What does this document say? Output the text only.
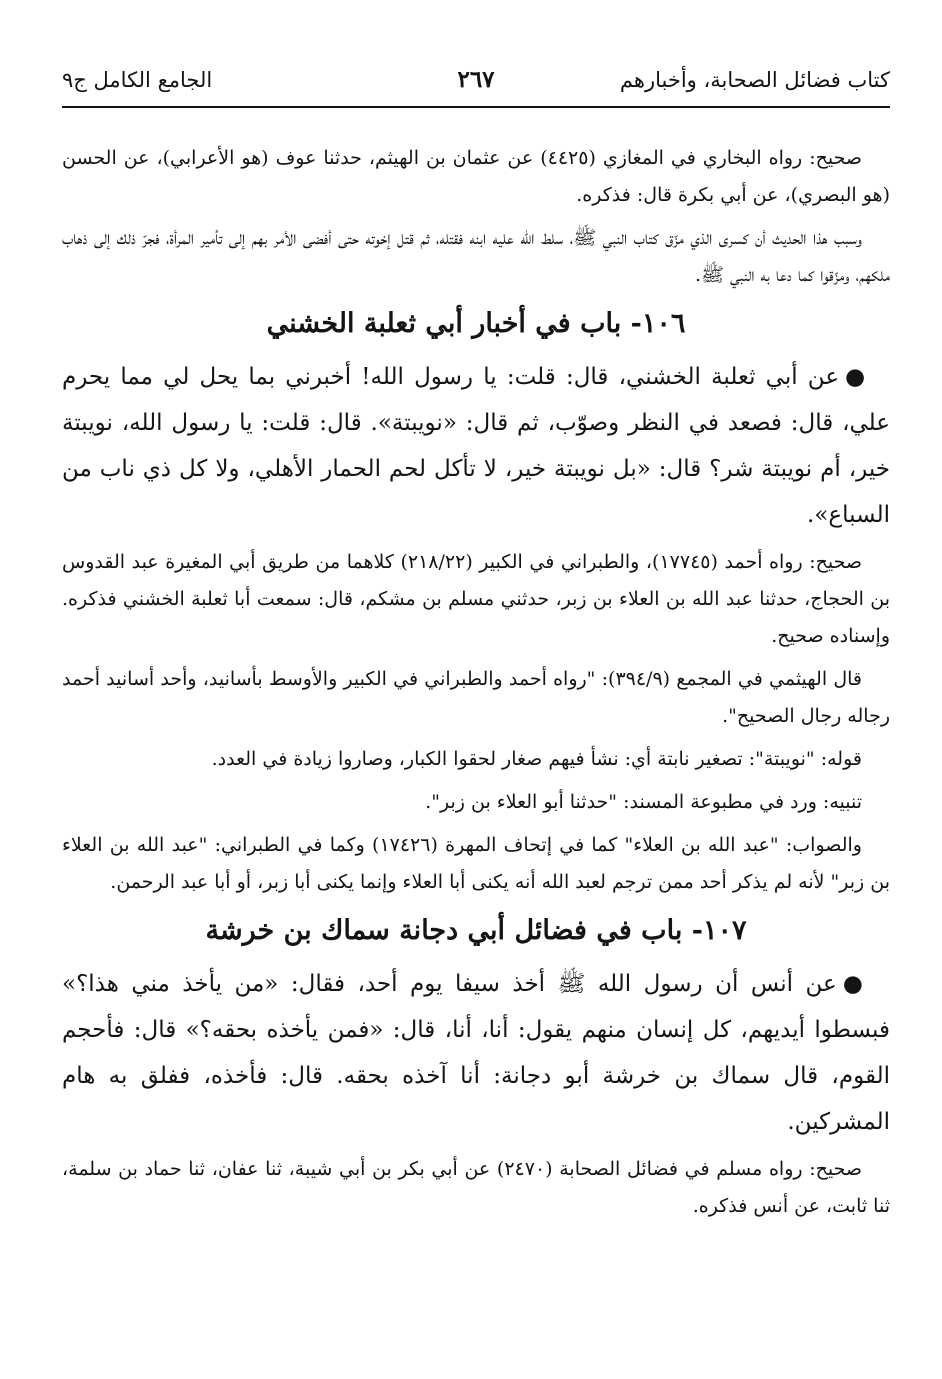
كتاب فضائل الصحابة، وأخبارهم
٢٦٧
الجامع الكامل ج٩

صحيح: رواه البخاري في المغازي (٤٤٢٥) عن عثمان بن الهيثم، حدثنا عوف (هو الأعرابي)، عن الحسن (هو البصري)، عن أبي بكرة قال: فذكره.

وسبب هذا الحديث أن كسرى الذي مزّق كتاب النبي ﷺ، سلط الله عليه ابنه فقتله، ثم قتل إخوته حتى أفضى الأمر بهم إلى تأمير المرأة، فجرّ ذلك إلى ذهاب ملكهم، ومزّقوا كما دعا به النبي ﷺ.

١٠٦- باب في أخبار أبي ثعلبة الخشني

●عن أبي ثعلبة الخشني، قال: قلت: يا رسول الله! أخبرني بما يحل لي مما يحرم علي، قال: فصعد في النظر وصوّب، ثم قال: «نويبتة». قال: قلت: يا رسول الله، نويبتة خير، أم نويبتة شر؟ قال: «بل نويبتة خير، لا تأكل لحم الحمار الأهلي، ولا كل ذي ناب من السباع».

صحيح: رواه أحمد (١٧٧٤٥)، والطبراني في الكبير (٢١٨/٢٢) كلاهما من طريق أبي المغيرة عبد القدوس بن الحجاج، حدثنا عبد الله بن العلاء بن زبر، حدثني مسلم بن مشكم، قال: سمعت أبا ثعلبة الخشني فذكره. وإسناده صحيح.

قال الهيثمي في المجمع (٣٩٤/٩): "رواه أحمد والطبراني في الكبير والأوسط بأسانيد، وأحد أسانيد أحمد رجاله رجال الصحيح".

قوله: "نويبتة": تصغير نابتة أي: نشأ فيهم صغار لحقوا الكبار، وصاروا زيادة في العدد.

تنبيه: ورد في مطبوعة المسند: "حدثنا أبو العلاء بن زبر".

والصواب: "عبد الله بن العلاء" كما في إتحاف المهرة (١٧٤٢٦) وكما في الطبراني: "عبد الله بن العلاء بن زبر" لأنه لم يذكر أحد ممن ترجم لعبد الله أنه يكنى أبا العلاء وإنما يكنى أبا زبر، أو أبا عبد الرحمن.

١٠٧- باب في فضائل أبي دجانة سماك بن خرشة

●عن أنس أن رسول الله ﷺ أخذ سيفا يوم أحد، فقال: «من يأخذ مني هذا؟» فبسطوا أيديهم، كل إنسان منهم يقول: أنا، أنا، قال: «فمن يأخذه بحقه؟» قال: فأحجم القوم، قال سماك بن خرشة أبو دجانة: أنا آخذه بحقه. قال: فأخذه، ففلق به هام المشركين.

صحيح: رواه مسلم في فضائل الصحابة (٢٤٧٠) عن أبي بكر بن أبي شيبة، ثنا عفان، ثنا حماد بن سلمة، ثنا ثابت، عن أنس فذكره.
